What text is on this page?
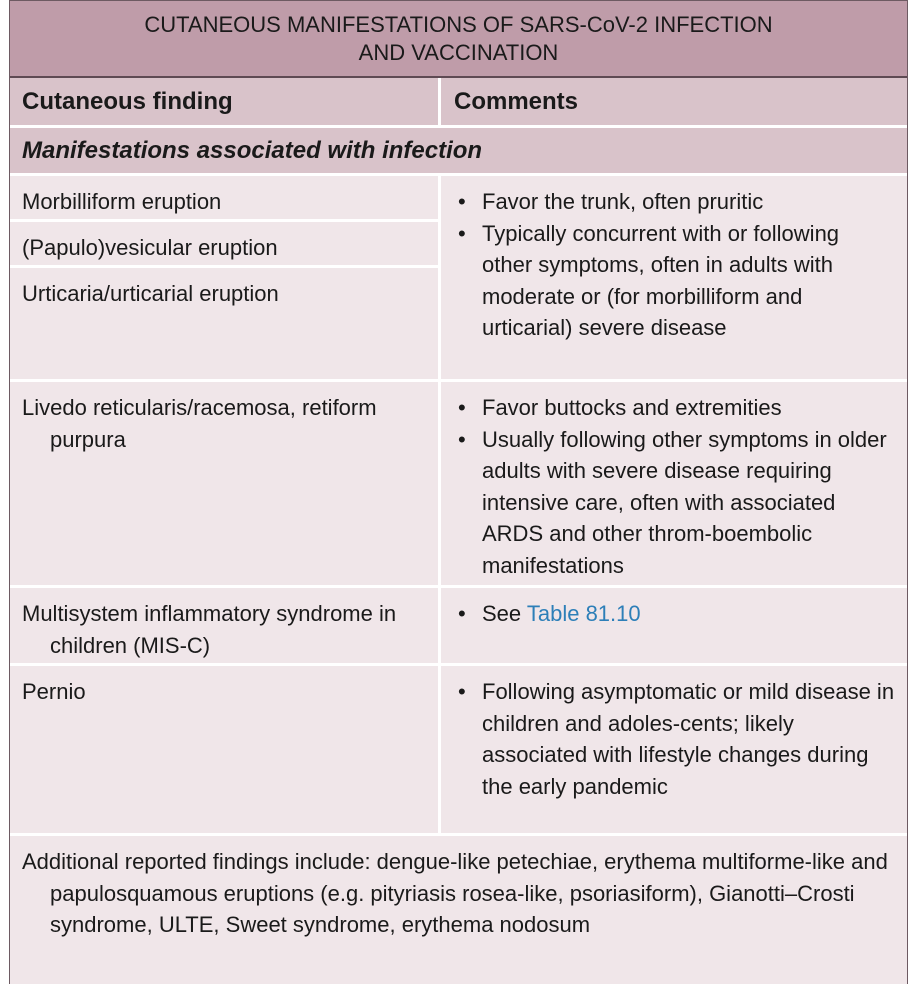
CUTANEOUS MANIFESTATIONS OF SARS-CoV-2 INFECTION
AND VACCINATION
Cutaneous finding	Comments
Manifestations associated with infection
Morbilliform eruption
(Papulo)vesicular eruption
Urticaria/urticarial eruption
• Favor the trunk, often pruritic
• Typically concurrent with or following other symptoms, often in adults with moderate or (for morbilliform and urticarial) severe disease
Livedo reticularis/racemosa, retiform purpura
• Favor buttocks and extremities
• Usually following other symptoms in older adults with severe disease requiring intensive care, often with associated ARDS and other throm-boembolic manifestations
Multisystem inflammatory syndrome in children (MIS-C)
• See Table 81.10
Pernio
•	Following asymptomatic or mild disease in children and adoles-cents; likely associated with lifestyle changes during the early pandemic

Additional reported findings include: dengue-like petechiae, erythema multiforme-like and papulosquamous eruptions (e.g. pityriasis rosea-like, psoriasiform), Gianotti–Crosti syndrome, ULTE, Sweet syndrome, erythema nodosum
